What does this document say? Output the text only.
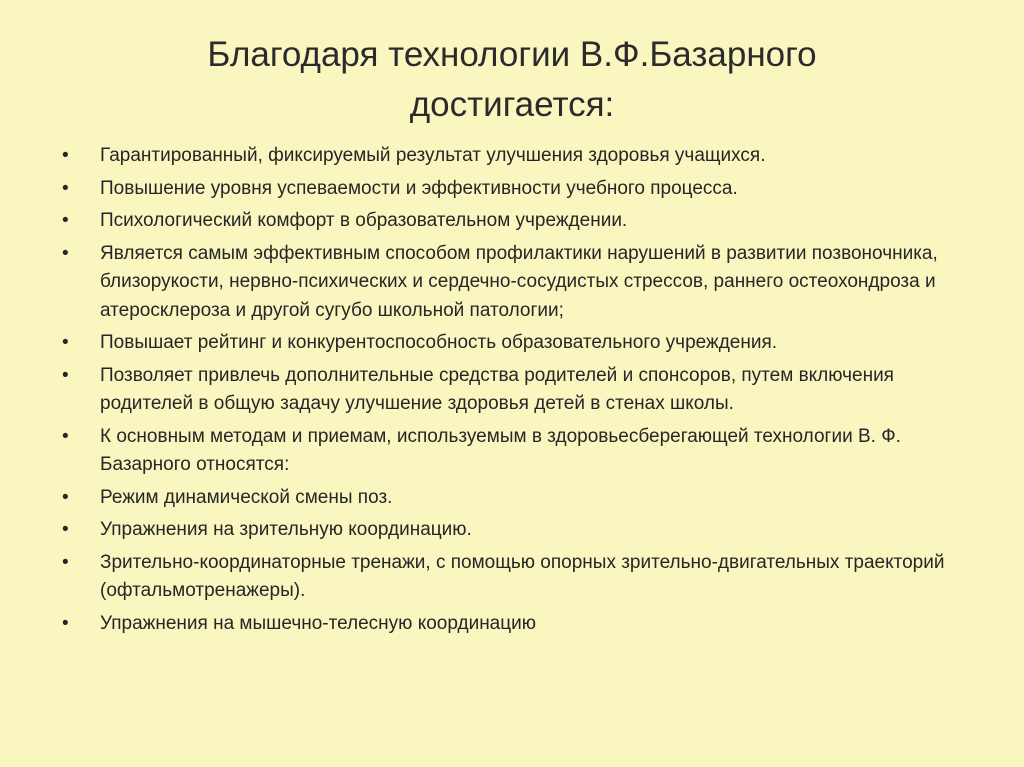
Благодаря технологии В.Ф.Базарного
достигается:
• Гарантированный, фиксируемый результат улучшения здоровья учащихся.
• Повышение уровня успеваемости и эффективности учебного процесса.
• Психологический комфорт в образовательном учреждении.
• Является самым эффективным способом профилактики нарушений в развитии позвоночника, близорукости, нервно-психических и сердечно-сосудистых стрессов, раннего остеохондроза и атеросклероза и другой сугубо школьной патологии;
• Повышает рейтинг и конкурентоспособность образовательного учреждения.
• Позволяет привлечь дополнительные средства родителей и спонсоров, путем включения родителей в общую задачу улучшение здоровья детей в стенах школы.
• К основным методам и приемам, используемым в здоровьесберегающей технологии В. Ф. Базарного относятся:
• Режим динамической смены поз.
• Упражнения на зрительную координацию.
• Зрительно-координаторные тренажи, с помощью опорных зрительно-двигательных траекторий (офтальмотренажеры).
• Упражнения на мышечно-телесную координацию
